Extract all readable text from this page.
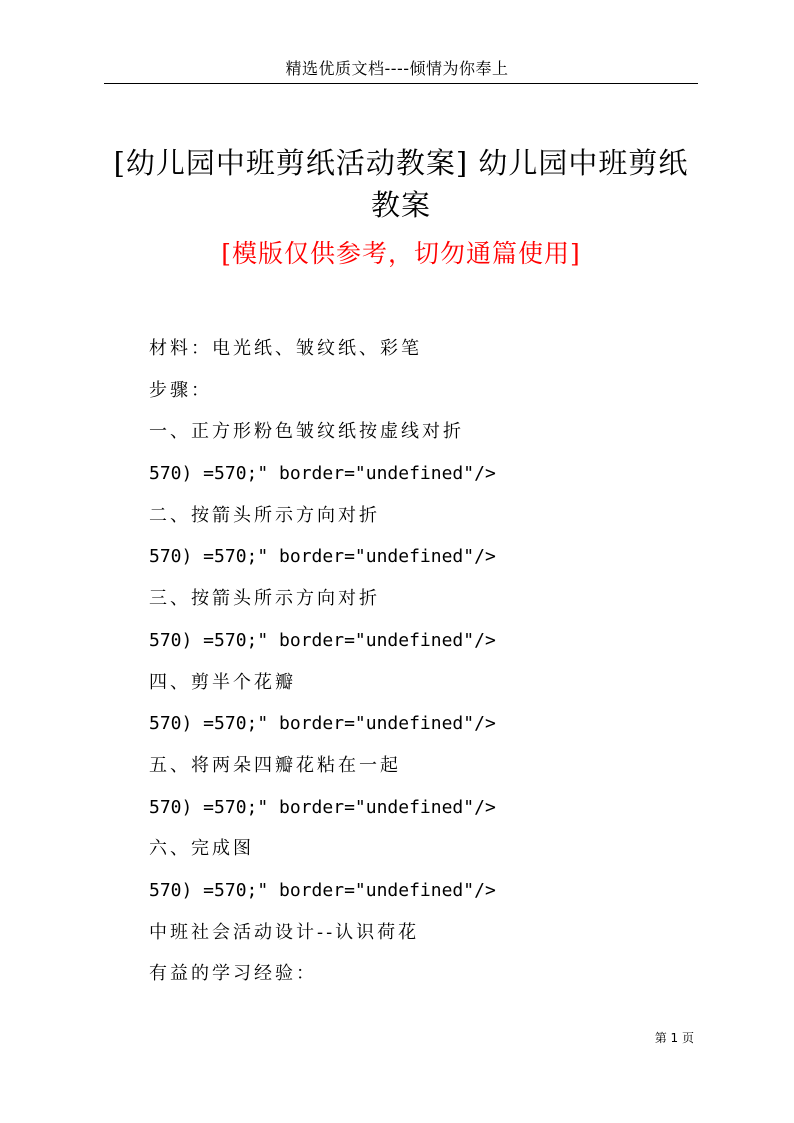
精选优质文档----倾情为你奉上
[幼儿园中班剪纸活动教案] 幼儿园中班剪纸教案
[模版仅供参考，切勿通篇使用]
材料：电光纸、皱纹纸、彩笔
步骤：
一、正方形粉色皱纹纸按虚线对折
570) =570;" border="undefined"/>
二、按箭头所示方向对折
570) =570;" border="undefined"/>
三、按箭头所示方向对折
570) =570;" border="undefined"/>
四、剪半个花瓣
570) =570;" border="undefined"/>
五、将两朵四瓣花粘在一起
570) =570;" border="undefined"/>
六、完成图
570) =570;" border="undefined"/>
中班社会活动设计--认识荷花
有益的学习经验：
第 1 页
